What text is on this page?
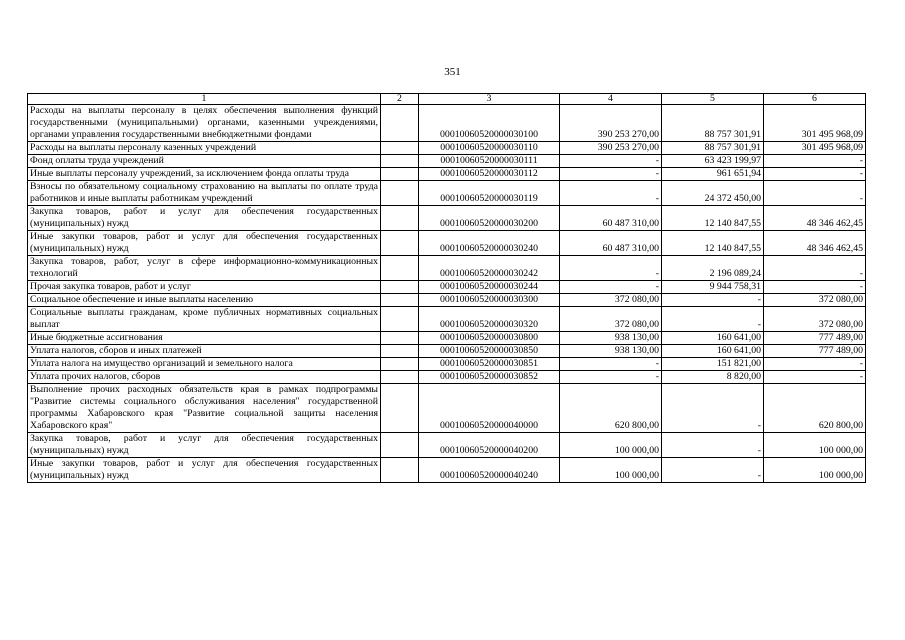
351
1	2	3	4	5	6
Расходы на выплаты персоналу в целях обеспечения выполнения функций государственными (муниципальными) органами, казенными учреждениями, органами управления государственными внебюджетными фондами		00010060520000030100	390 253 270,00	88 757 301,91	301 495 968,09
Расходы на выплаты персоналу казенных учреждений		00010060520000030110	390 253 270,00	88 757 301,91	301 495 968,09
Фонд оплаты труда учреждений		00010060520000030111	-	63 423 199,97	-
Иные выплаты персоналу учреждений, за исключением фонда оплаты труда		00010060520000030112	-	961 651,94	-
Взносы по обязательному социальному страхованию на выплаты по оплате труда работников и иные выплаты работникам учреждений		00010060520000030119	-	24 372 450,00	-
Закупка товаров, работ и услуг для обеспечения государственных (муниципальных) нужд		00010060520000030200	60 487 310,00	12 140 847,55	48 346 462,45
Иные закупки товаров, работ и услуг для обеспечения государственных (муниципальных) нужд		00010060520000030240	60 487 310,00	12 140 847,55	48 346 462,45
Закупка товаров, работ, услуг в сфере информационно-коммуникационных технологий		00010060520000030242	-	2 196 089,24	-
Прочая закупка товаров, работ и услуг		00010060520000030244	-	9 944 758,31	-
Социальное обеспечение и иные выплаты населению		00010060520000030300	372 080,00	-	372 080,00
Социальные выплаты гражданам, кроме публичных нормативных социальных выплат		00010060520000030320	372 080,00	-	372 080,00
Иные бюджетные ассигнования		00010060520000030800	938 130,00	160 641,00	777 489,00
Уплата налогов, сборов и иных платежей		00010060520000030850	938 130,00	160 641,00	777 489,00
Уплата налога на имущество организаций и земельного налога		00010060520000030851	-	151 821,00	-
Уплата прочих налогов, сборов		00010060520000030852	-	8 820,00	-
Выполнение прочих расходных обязательств края в рамках подпрограммы "Развитие системы социального обслуживания населения" государственной программы Хабаровского края "Развитие социальной защиты населения Хабаровского края"		00010060520000040000	620 800,00	-	620 800,00
Закупка товаров, работ и услуг для обеспечения государственных (муниципальных) нужд		00010060520000040200	100 000,00	-	100 000,00
Иные закупки товаров, работ и услуг для обеспечения государственных (муниципальных) нужд		00010060520000040240	100 000,00	-	100 000,00
